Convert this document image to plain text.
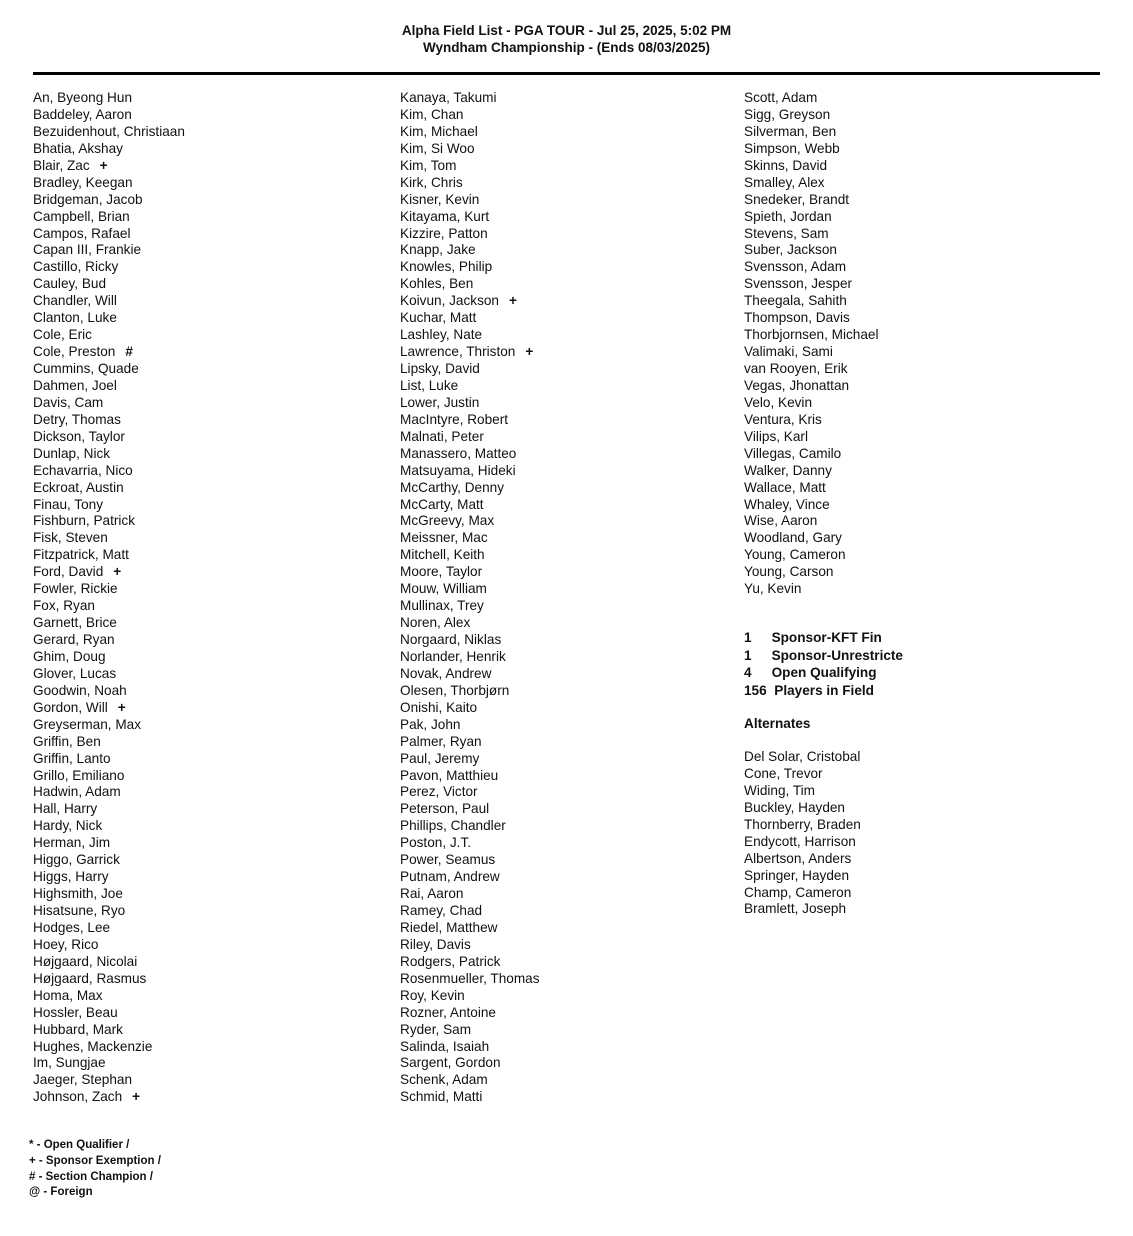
Alpha Field List - PGA TOUR - Jul 25, 2025, 5:02 PM
Wyndham Championship - (Ends 08/03/2025)
An, Byeong Hun
Baddeley, Aaron
Bezuidenhout, Christiaan
Bhatia, Akshay
Blair, Zac +
Bradley, Keegan
Bridgeman, Jacob
Campbell, Brian
Campos, Rafael
Capan III, Frankie
Castillo, Ricky
Cauley, Bud
Chandler, Will
Clanton, Luke
Cole, Eric
Cole, Preston #
Cummins, Quade
Dahmen, Joel
Davis, Cam
Detry, Thomas
Dickson, Taylor
Dunlap, Nick
Echavarria, Nico
Eckroat, Austin
Finau, Tony
Fishburn, Patrick
Fisk, Steven
Fitzpatrick, Matt
Ford, David +
Fowler, Rickie
Fox, Ryan
Garnett, Brice
Gerard, Ryan
Ghim, Doug
Glover, Lucas
Goodwin, Noah
Gordon, Will +
Greyserman, Max
Griffin, Ben
Griffin, Lanto
Grillo, Emiliano
Hadwin, Adam
Hall, Harry
Hardy, Nick
Herman, Jim
Higgo, Garrick
Higgs, Harry
Highsmith, Joe
Hisatsune, Ryo
Hodges, Lee
Hoey, Rico
Højgaard, Nicolai
Højgaard, Rasmus
Homa, Max
Hossler, Beau
Hubbard, Mark
Hughes, Mackenzie
Im, Sungjae
Jaeger, Stephan
Johnson, Zach +
Kanaya, Takumi
Kim, Chan
Kim, Michael
Kim, Si Woo
Kim, Tom
Kirk, Chris
Kisner, Kevin
Kitayama, Kurt
Kizzire, Patton
Knapp, Jake
Knowles, Philip
Kohles, Ben
Koivun, Jackson +
Kuchar, Matt
Lashley, Nate
Lawrence, Thriston +
Lipsky, David
List, Luke
Lower, Justin
MacIntyre, Robert
Malnati, Peter
Manassero, Matteo
Matsuyama, Hideki
McCarthy, Denny
McCarty, Matt
McGreevy, Max
Meissner, Mac
Mitchell, Keith
Moore, Taylor
Mouw, William
Mullinax, Trey
Noren, Alex
Norgaard, Niklas
Norlander, Henrik
Novak, Andrew
Olesen, Thorbjørn
Onishi, Kaito
Pak, John
Palmer, Ryan
Paul, Jeremy
Pavon, Matthieu
Perez, Victor
Peterson, Paul
Phillips, Chandler
Poston, J.T.
Power, Seamus
Putnam, Andrew
Rai, Aaron
Ramey, Chad
Riedel, Matthew
Riley, Davis
Rodgers, Patrick
Rosenmueller, Thomas
Roy, Kevin
Rozner, Antoine
Ryder, Sam
Salinda, Isaiah
Sargent, Gordon
Schenk, Adam
Schmid, Matti
Scott, Adam
Sigg, Greyson
Silverman, Ben
Simpson, Webb
Skinns, David
Smalley, Alex
Snedeker, Brandt
Spieth, Jordan
Stevens, Sam
Suber, Jackson
Svensson, Adam
Svensson, Jesper
Theegala, Sahith
Thompson, Davis
Thorbjornsen, Michael
Valimaki, Sami
van Rooyen, Erik
Vegas, Jhonattan
Velo, Kevin
Ventura, Kris
Vilips, Karl
Villegas, Camilo
Walker, Danny
Wallace, Matt
Whaley, Vince
Wise, Aaron
Woodland, Gary
Young, Cameron
Young, Carson
Yu, Kevin
1 Sponsor-KFT Fin
1 Sponsor-Unrestricte
4 Open Qualifying
156 Players in Field
Alternates
Del Solar, Cristobal
Cone, Trevor
Widing, Tim
Buckley, Hayden
Thornberry, Braden
Endycott, Harrison
Albertson, Anders
Springer, Hayden
Champ, Cameron
Bramlett, Joseph
* - Open Qualifier /
+ - Sponsor Exemption /
# - Section Champion /
@ - Foreign
